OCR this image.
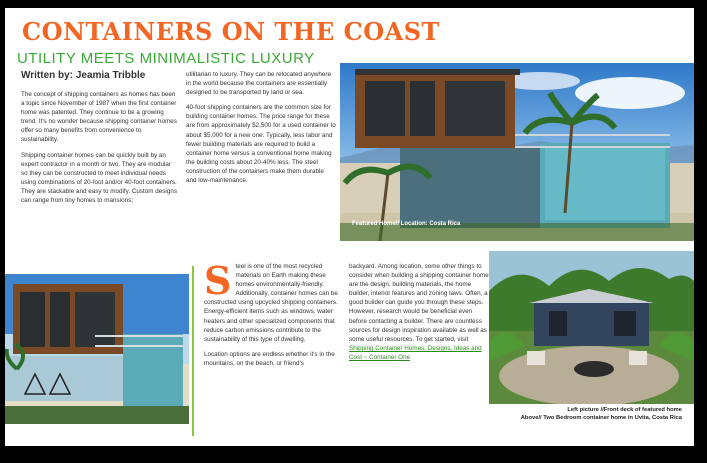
CONTAINERS ON THE COAST
UTILITY MEETS MINIMALISTIC LUXURY
Written by: Jeamia Tribble

The concept of shipping containers as homes has been a topic since November of 1987 when the first container home was patented. They continue to be a growing trend. It's no wonder because shipping container homes offer so many benefits from convenience to sustainability.

Shipping container homes can be quickly built by an expert contractor in a month or two. They are modular so they can be constructed to meet individual needs using combinations of 20-foot and/or 40-foot containers. They are stackable and easy to modify. Custom designs can range from tiny homes to mansions;

utilitarian to luxury. They can be relocated anywhere in the world because the containers are essentially designed to be transported by land or sea.

40-foot shipping containers are the common size for building container homes. The price range for these are from approximately $2,500 for a used container to about $5,000 for a new one. Typically, less labor and fewer building materials are required to build a container home versus a conventional home making the building costs about 20-40% less. The steel construction of the containers make them durable and low-maintenance.

Featured Home// Location: Costa Rica

Steel is one of the most recycled materials on Earth making these homes environmentally-friendly. Additionally, container homes can be constructed using upcycled shipping containers. Energy-efficient items such as windows, water heaters and other specialized components that reduce carbon emissions contribute to the sustainability of this type of dwelling.

Location options are endless whether it's in the mountains, on the beach, or friend's

backyard. Among location, some other things to consider when building a shipping container home are the design, building materials, the home builder, interior features and zoning laws. Often, a good builder can guide you through these steps. However, research would be beneficial even before contacting a builder. There are countless sources for design inspiration available as well as some useful resources. To get started, visit Shipping Container Homes: Designs, Ideas and Cost ~ Container One

Left picture //Front deck of featured home
Above// Two Bedroom container home in Uvita, Costa Rica
